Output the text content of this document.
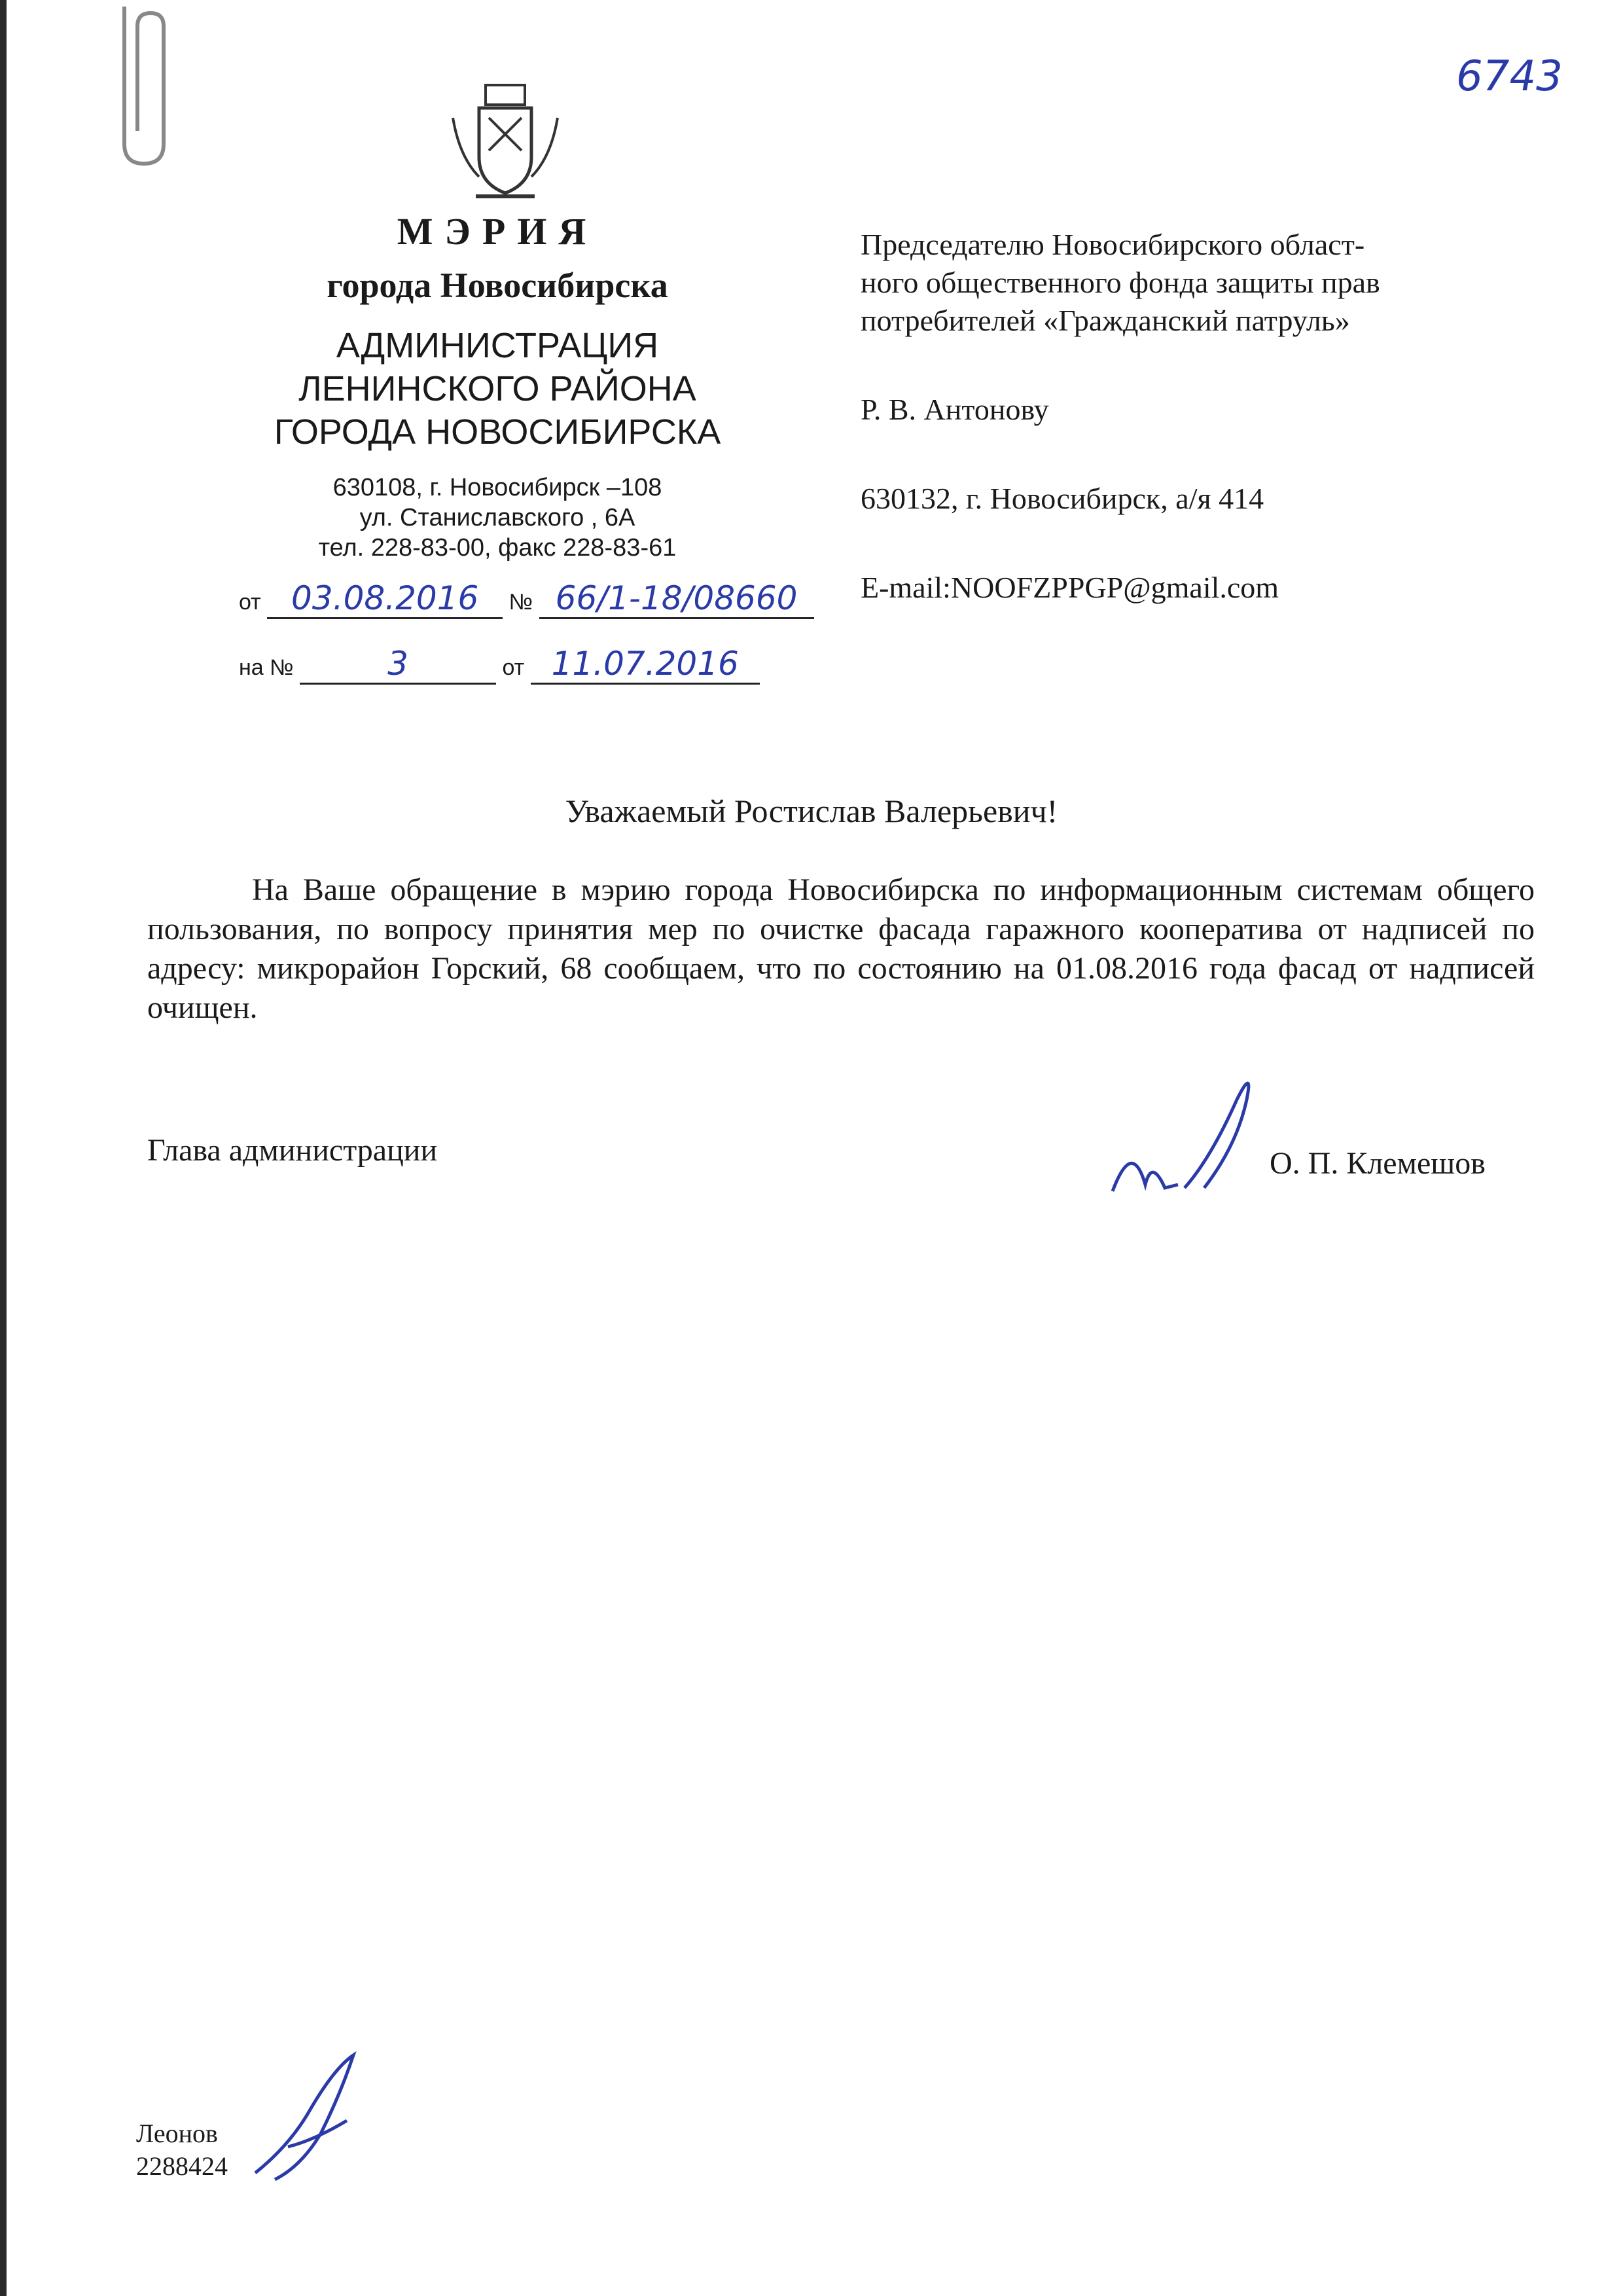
6743
МЭРИЯ
города Новосибирска
АДМИНИСТРАЦИЯ
ЛЕНИНСКОГО РАЙОНА
ГОРОДА НОВОСИБИРСКА
630108, г. Новосибирск –108
ул. Станиславского , 6А
тел. 228-83-00, факс 228-83-61
от 03.08.2016 № 66/1-18/08660
на №	3	от 11.07.2016

Председателю Новосибирского област-

ного общественного фонда защиты прав

потребителей «Гражданский патруль»

Р. В. Антонову

630132, г. Новосибирск, а/я 414

E-mail:NOOFZPPGP@gmail.com

Уважаемый Ростислав Валерьевич!

На Ваше обращение в мэрию города Новосибирска по информационным системам общего пользования, по вопросу принятия мер по очистке фасада гаражного кооператива от надписей по адресу: микрорайон Горский, 68 сообщаем, что по состоянию на 01.08.2016 года фасад от надписей очищен.

Глава администрации	О. П. Клемешов
Леонов
2288424
